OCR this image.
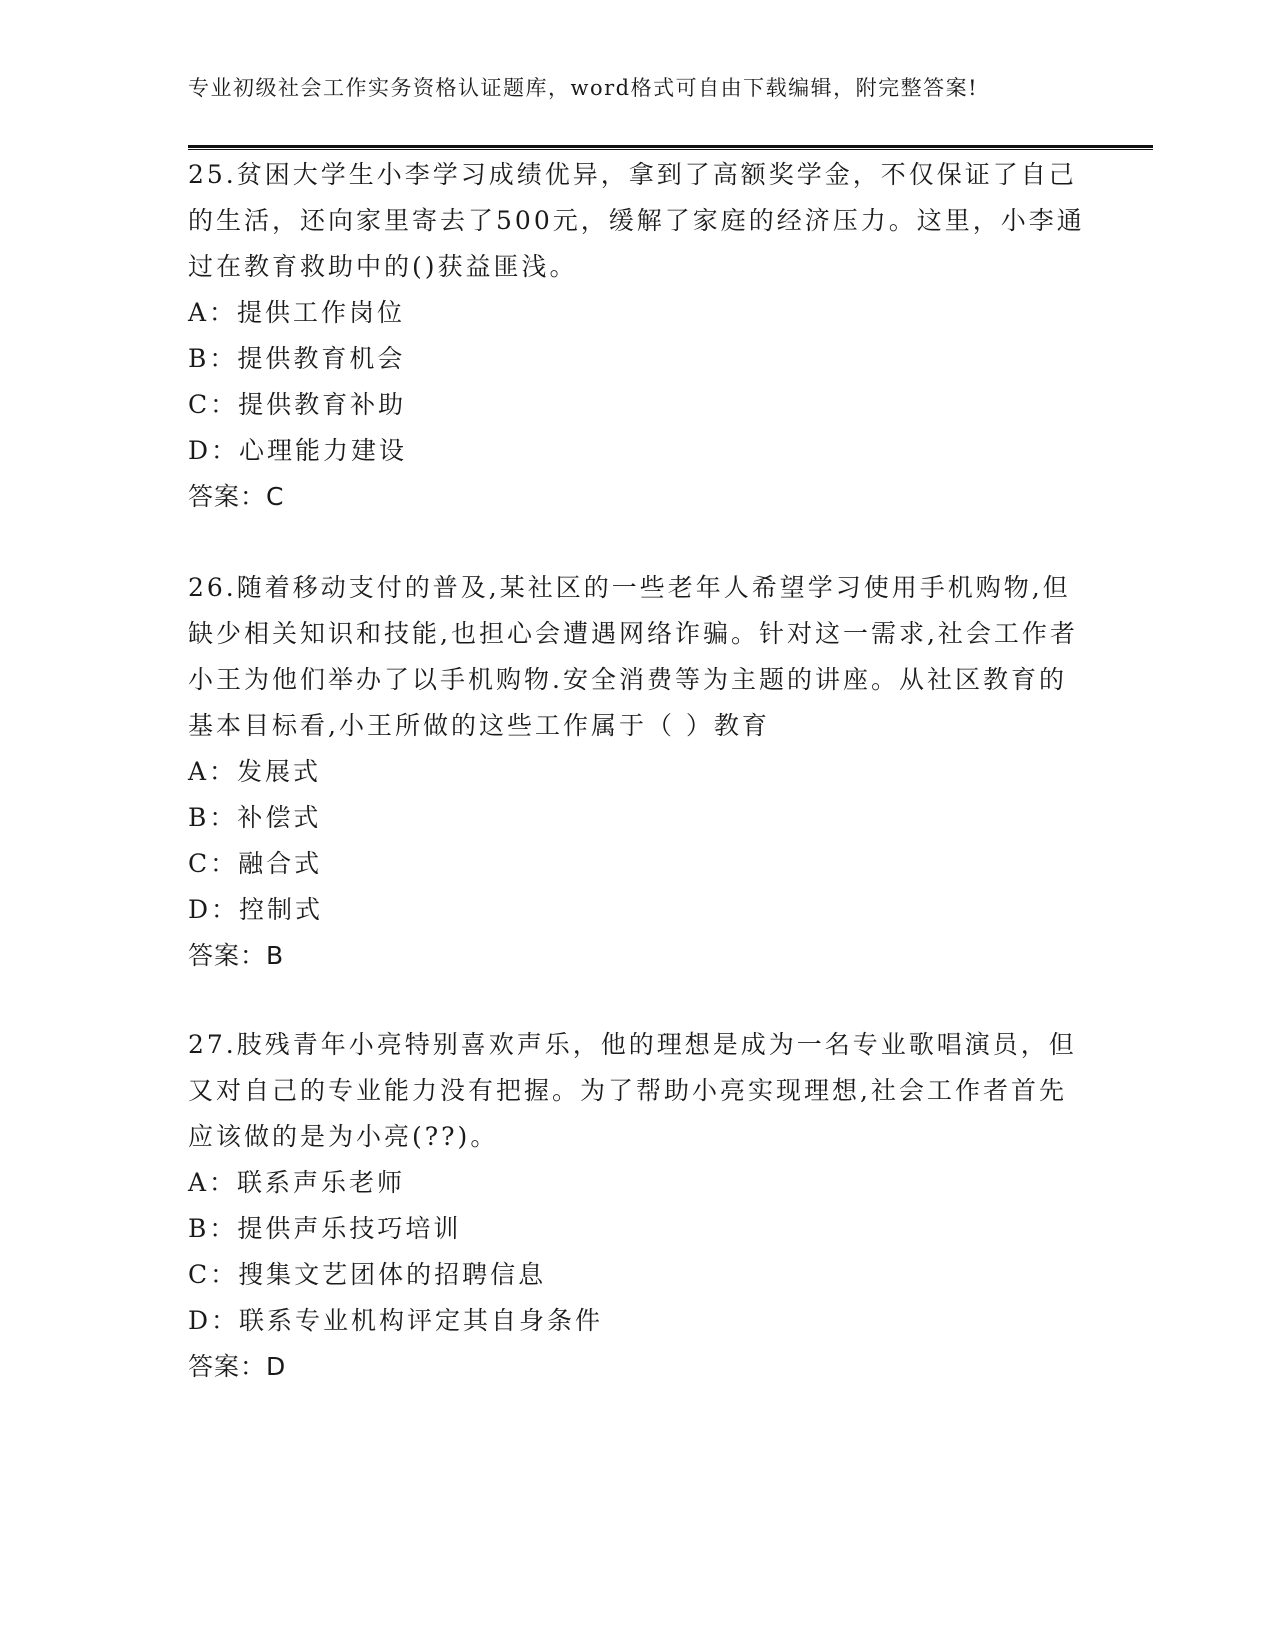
专业初级社会工作实务资格认证题库，word格式可自由下载编辑，附完整答案!

25.贫困大学生小李学习成绩优异，拿到了高额奖学金，不仅保证了自己的生活，还向家里寄去了500元，缓解了家庭的经济压力。这里，小李通过在教育救助中的()获益匪浅。

A：提供工作岗位
B：提供教育机会
C：提供教育补助
D：心理能力建设
答案：C

26.随着移动支付的普及,某社区的一些老年人希望学习使用手机购物,但缺少相关知识和技能,也担心会遭遇网络诈骗。针对这一需求,社会工作者小王为他们举办了以手机购物.安全消费等为主题的讲座。从社区教育的基本目标看,小王所做的这些工作属于（ ）教育

A：发展式
B：补偿式
C：融合式
D：控制式
答案：B

27.肢残青年小亮特别喜欢声乐，他的理想是成为一名专业歌唱演员，但又对自己的专业能力没有把握。为了帮助小亮实现理想,社会工作者首先应该做的是为小亮(??)。

A：联系声乐老师
B：提供声乐技巧培训
C：搜集文艺团体的招聘信息
D：联系专业机构评定其自身条件
答案：D
